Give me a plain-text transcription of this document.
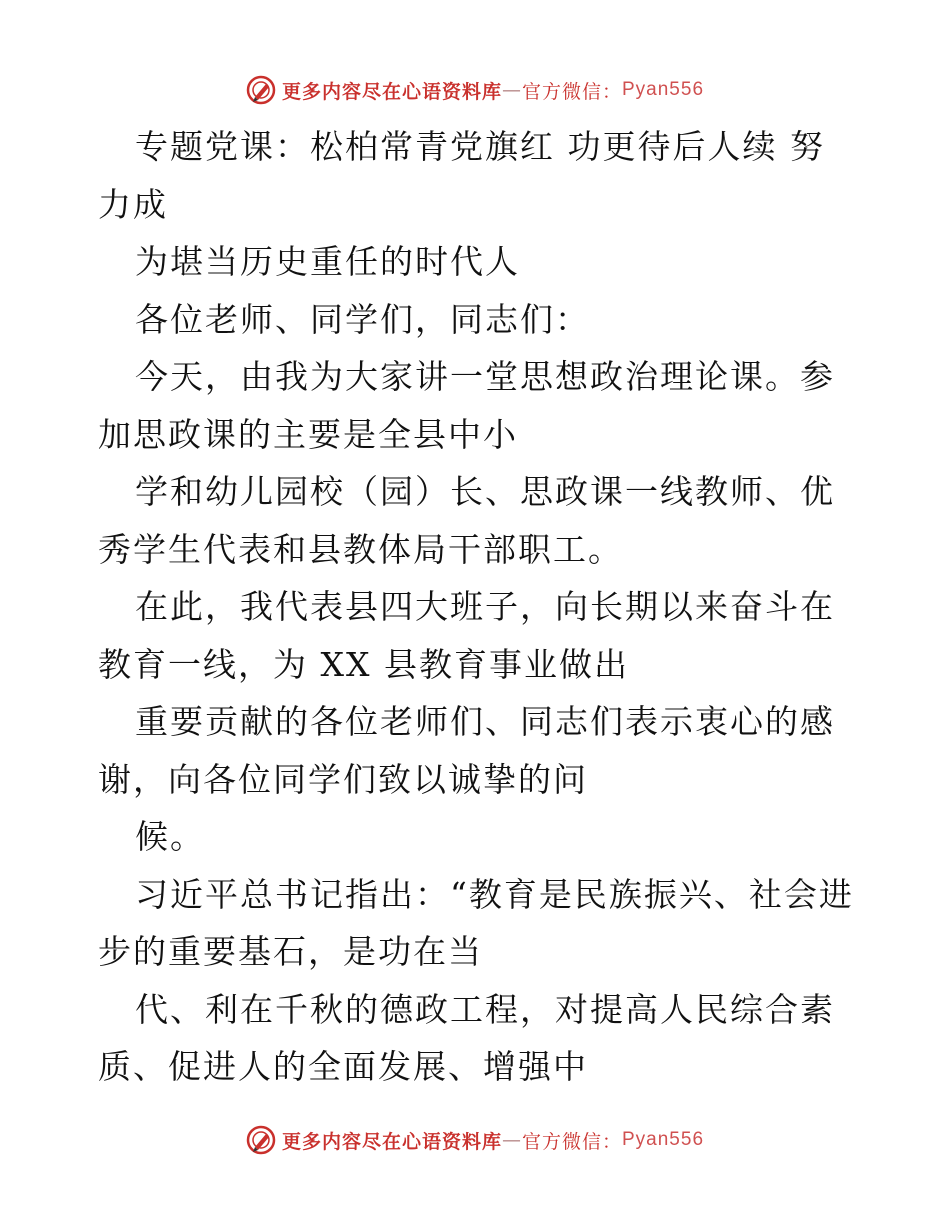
更多内容尽在心语资料库 — 官方微信： Pyan556

专题党课：松柏常青党旗红 功更待后人续 努力成

为堪当历史重任的时代人

各位老师、同学们，同志们：

今天，由我为大家讲一堂思想政治理论课。参加思政课的主要是全县中小

学和幼儿园校（园）长、思政课一线教师、优秀学生代表和县教体局干部职工。

在此，我代表县四大班子，向长期以来奋斗在教育一线，为 XX 县教育事业做出

重要贡献的各位老师们、同志们表示衷心的感谢，向各位同学们致以诚挚的问

候。

习近平总书记指出：“教育是民族振兴、社会进步的重要基石，是功在当

代、利在千秋的德政工程，对提高人民综合素质、促进人的全面发展、增强中

更多内容尽在心语资料库 — 官方微信： Pyan556
